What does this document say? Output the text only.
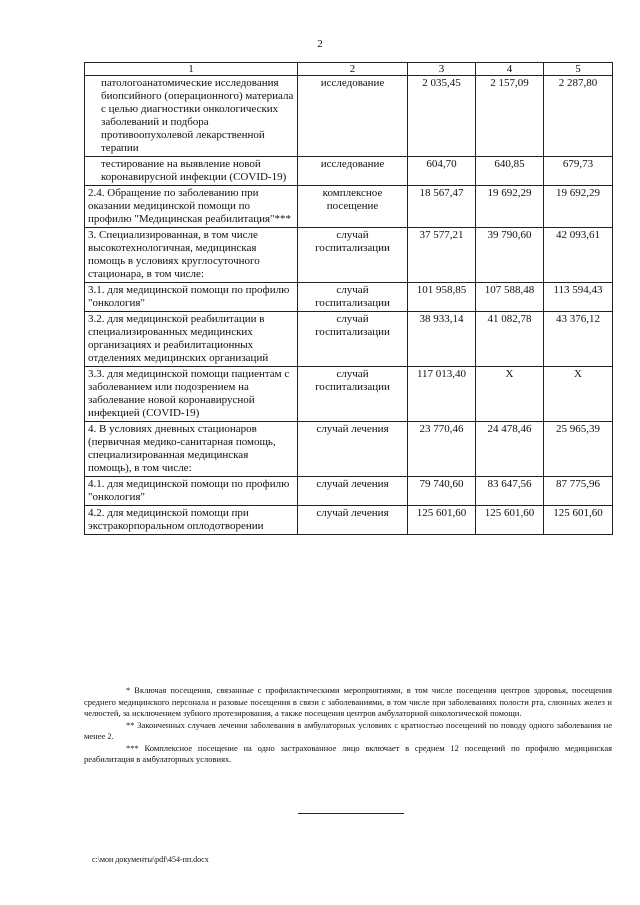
2
1	2	3	4	5
патологоанатомические исследования биопсийного (операционного) материала с целью диагностики онкологических заболеваний и подбора противоопухолевой лекарственной терапии	исследование	2 035,45	2 157,09	2 287,80
тестирование на выявление новой коронавирусной инфекции (COVID-19)	исследование	604,70	640,85	679,73
2.4. Обращение по заболеванию при оказании медицинской помощи по профилю "Медицинская реабилитация"***	комплексное посещение	18 567,47	19 692,29	19 692,29
3. Специализированная, в том числе высокотехнологичная, медицинская помощь в условиях круглосуточного стационара, в том числе:	случай госпитализации	37 577,21	39 790,60	42 093,61
3.1. для медицинской помощи по профилю "онкология"	случай госпитализации	101 958,85	107 588,48	113 594,43
3.2. для медицинской реабилитации в специализированных медицинских организациях и реабилитационных отделениях медицинских организаций	случай госпитализации	38 933,14	41 082,78	43 376,12
3.3. для медицинской помощи пациентам с заболеванием или подозрением на заболевание новой коронавирусной инфекцией (COVID-19)	случай госпитализации	117 013,40	X	X
4. В условиях дневных стационаров (первичная медико-санитарная помощь, специализированная медицинская помощь), в том числе:	случай лечения	23 770,46	24 478,46	25 965,39
4.1. для медицинской помощи по профилю "онкология"	случай лечения	79 740,60	83 647,56	87 775,96
4.2. для медицинской помощи при экстракорпоральном оплодотворении	случай лечения	125 601,60	125 601,60	125 601,60

* Включая посещения, связанные с профилактическими мероприятиями, в том числе посещения центров здоровья, посещения среднего медицинского персонала и разовые посещения в связи с заболеваниями, в том числе при заболеваниях полости рта, слюнных желез и челюстей, за исключением зубного протезирования, а также посещения центров амбулаторной онкологической помощи.

** Законченных случаев лечения заболевания в амбулаторных условиях с кратностью посещений по поводу одного заболевания не менее 2.

*** Комплексное посещение на одно застрахованное лицо включает в среднем 12 посещений по профилю медицинская реабилитация в амбулаторных условиях.

c:\мои документы\pdf\454-пп.docx
